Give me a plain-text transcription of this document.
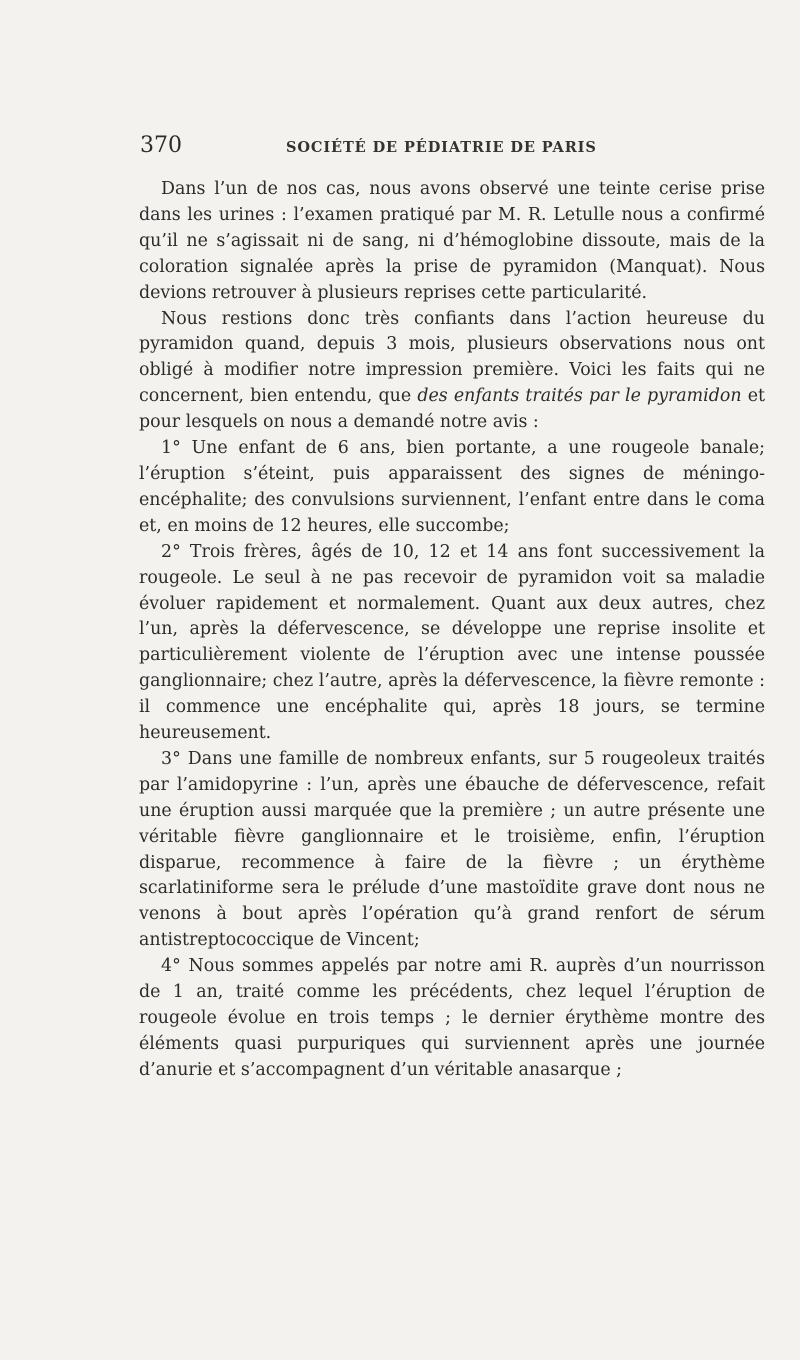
370	SOCIÉTÉ DE PÉDIATRIE DE PARIS

Dans l’un de nos cas, nous avons observé une teinte cerise prise dans les urines : l’examen pratiqué par M. R. Letulle nous a confirmé qu’il ne s’agissait ni de sang, ni d’hémoglobine dissoute, mais de la coloration signalée après la prise de pyramidon (Manquat). Nous devions retrouver à plusieurs reprises cette particularité.

Nous restions donc très confiants dans l’action heureuse du pyramidon quand, depuis 3 mois, plusieurs observations nous ont obligé à modifier notre impression première. Voici les faits qui ne concernent, bien entendu, que des enfants traités par le pyramidon et pour lesquels on nous a demandé notre avis :

1° Une enfant de 6 ans, bien portante, a une rougeole banale; l’éruption s’éteint, puis apparaissent des signes de méningo-encéphalite; des convulsions surviennent, l’enfant entre dans le coma et, en moins de 12 heures, elle succombe;

2° Trois frères, âgés de 10, 12 et 14 ans font successivement la rougeole. Le seul à ne pas recevoir de pyramidon voit sa maladie évoluer rapidement et normalement. Quant aux deux autres, chez l’un, après la défervescence, se développe une reprise insolite et particulièrement violente de l’éruption avec une intense poussée ganglionnaire; chez l’autre, après la défervescence, la fièvre remonte : il commence une encéphalite qui, après 18 jours, se termine heureusement.

3° Dans une famille de nombreux enfants, sur 5 rougeoleux traités par l’amidopyrine : l’un, après une ébauche de défervescence, refait une éruption aussi marquée que la première ; un autre présente une véritable fièvre ganglionnaire et le troisième, enfin, l’éruption disparue, recommence à faire de la fièvre ; un érythème scarlatiniforme sera le prélude d’une mastoïdite grave dont nous ne venons à bout après l’opération qu’à grand renfort de sérum antistreptococcique de Vincent;

4° Nous sommes appelés par notre ami R. auprès d’un nourrisson de 1 an, traité comme les précédents, chez lequel l’éruption de rougeole évolue en trois temps ; le dernier érythème montre des éléments quasi purpuriques qui surviennent après une journée d’anurie et s’accompagnent d’un véritable anasarque ;
